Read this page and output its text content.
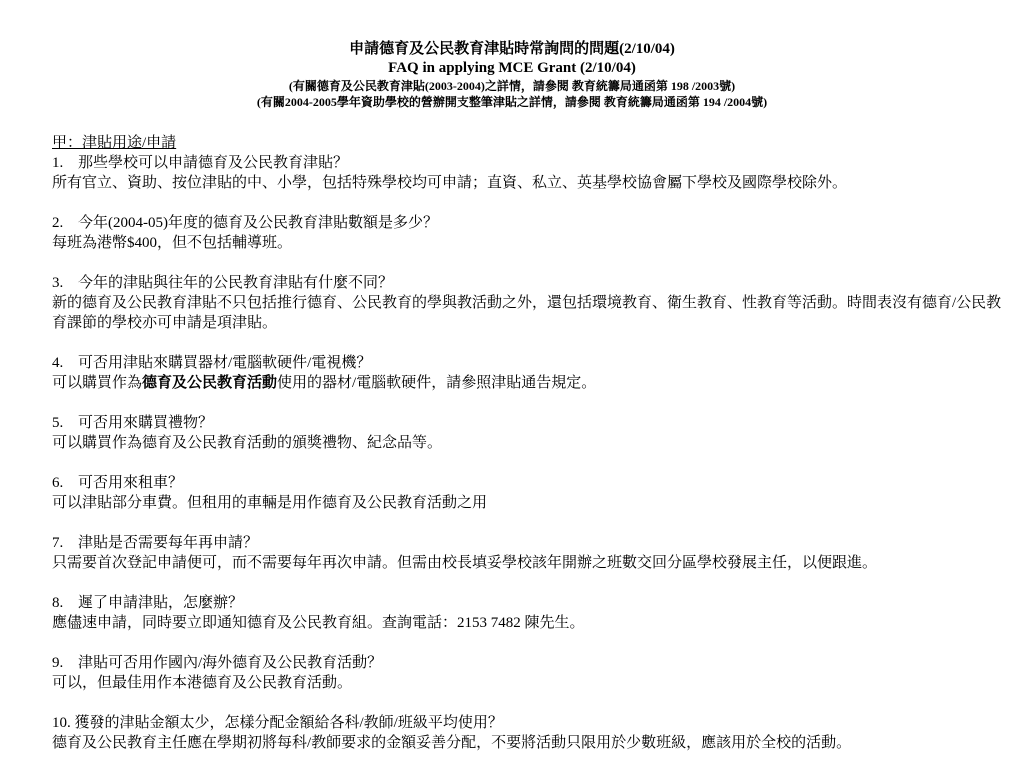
申請德育及公民教育津貼時常詢問的問題(2/10/04)
FAQ in applying MCE Grant (2/10/04)
(有關德育及公民教育津貼(2003-2004)之詳情，請參閱 教育統籌局通函第 198 /2003號)
(有關2004-2005學年資助學校的營辦開支整筆津貼之詳情，請參閱 教育統籌局通函第 194 /2004號)
甲：津貼用途/申請
1. 那些學校可以申請德育及公民教育津貼？
所有官立、資助、按位津貼的中、小學，包括特殊學校均可申請；直資、私立、英基學校協會屬下學校及國際學校除外。
2. 今年(2004-05)年度的德育及公民教育津貼數額是多少？
每班為港幣$400，但不包括輔導班。
3. 今年的津貼與往年的公民教育津貼有什麼不同？
新的德育及公民教育津貼不只包括推行德育、公民教育的學與教活動之外，還包括環境教育、衛生教育、性教育等活動。時間表沒有德育/公民教育課節的學校亦可申請是項津貼。
4. 可否用津貼來購買器材/電腦軟硬件/電視機？
可以購買作為德育及公民教育活動使用的器材/電腦軟硬件，請參照津貼通告規定。
5. 可否用來購買禮物？
可以購買作為德育及公民教育活動的頒獎禮物、紀念品等。
6. 可否用來租車？
可以津貼部分車費。但租用的車輛是用作德育及公民教育活動之用
7. 津貼是否需要每年再申請？
只需要首次登記申請便可，而不需要每年再次申請。但需由校長填妥學校該年開辦之班數交回分區學校發展主任，以便跟進。
8. 遲了申請津貼，怎麼辦？
應儘速申請，同時要立即通知德育及公民教育組。查詢電話：2153 7482 陳先生。
9. 津貼可否用作國內/海外德育及公民教育活動？
可以，但最佳用作本港德育及公民教育活動。
10. 獲發的津貼金額太少，怎樣分配金額給各科/教師/班級平均使用？
德育及公民教育主任應在學期初將每科/教師要求的金額妥善分配，不要將活動只限用於少數班級，應該用於全校的活動。
